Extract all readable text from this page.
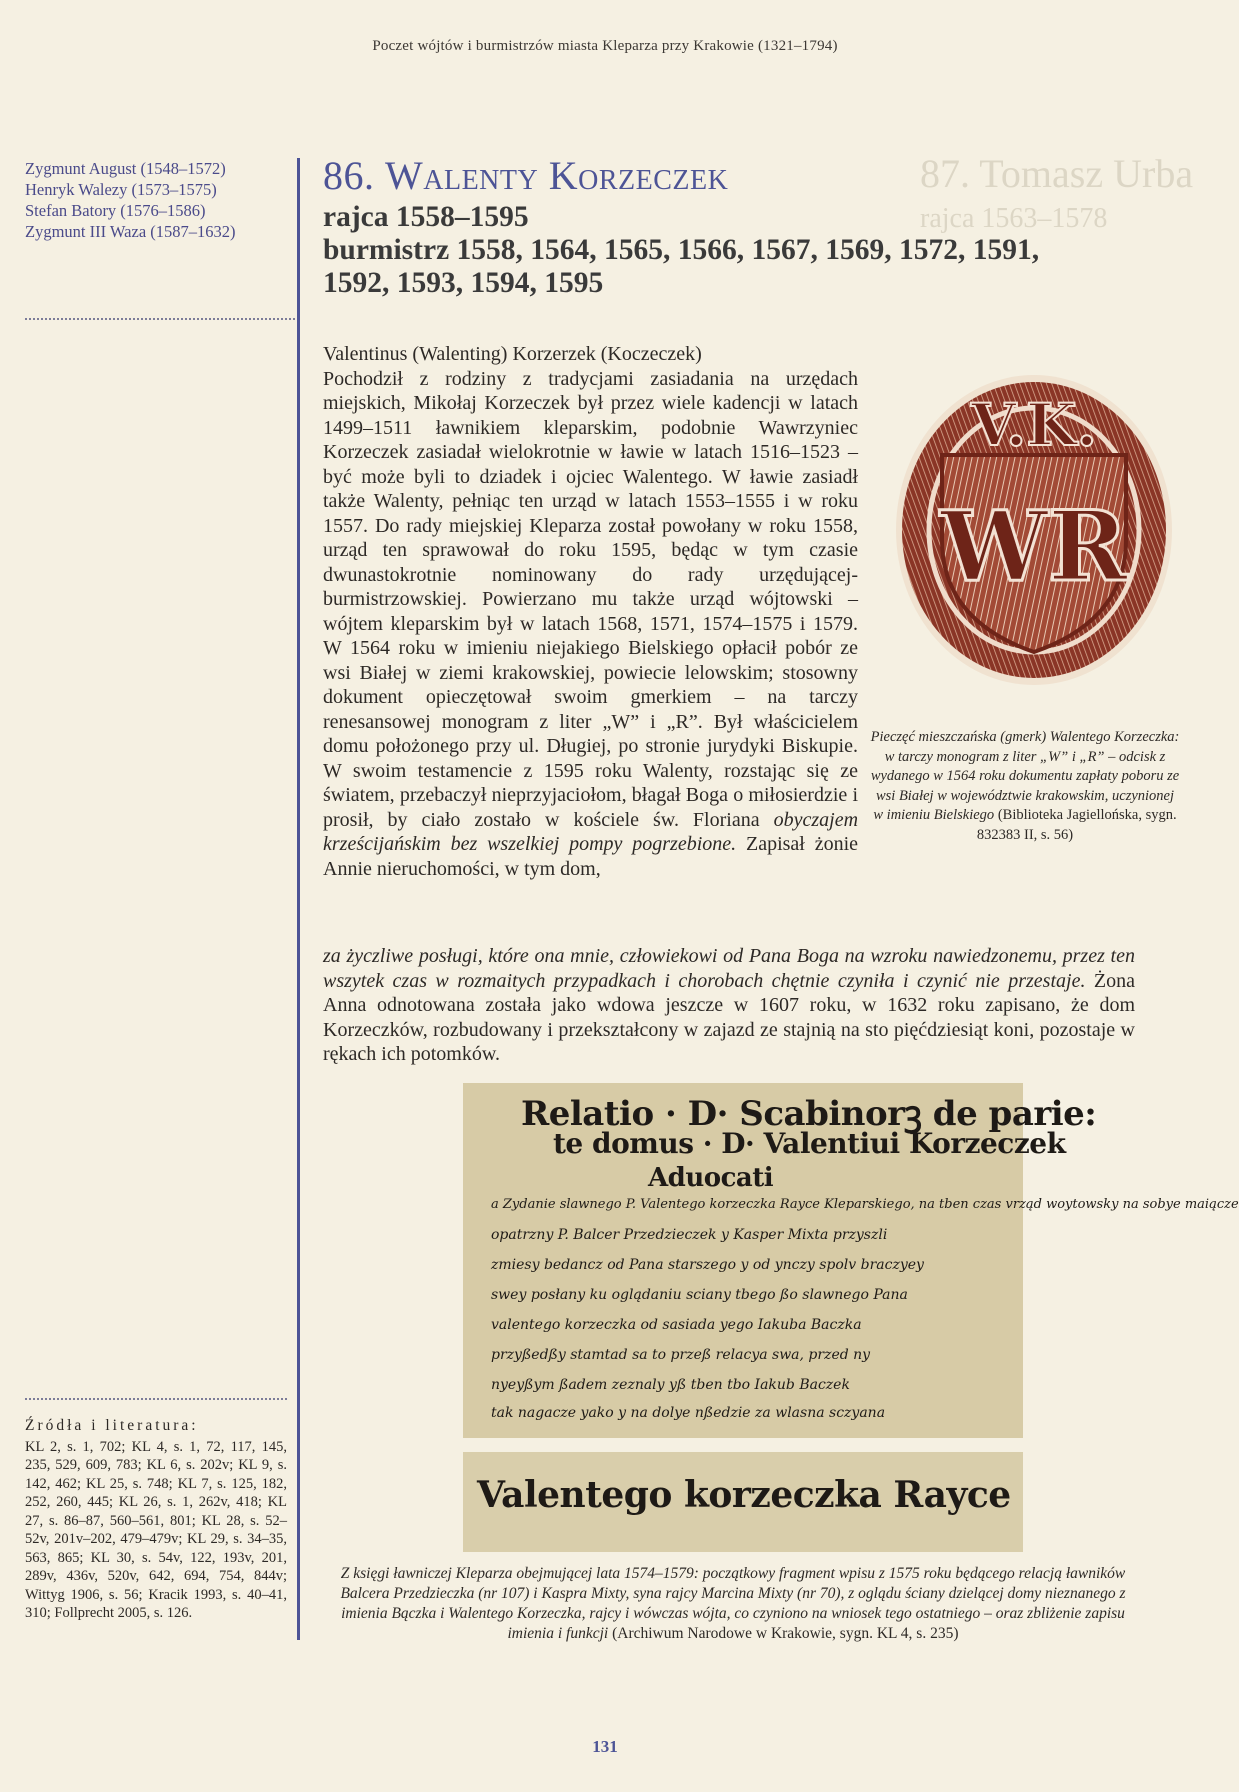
87. Tomasz Urba
rajca 1563–1578
Poczet wójtów i burmistrzów miasta Kleparza przy Krakowie (1321–1794)
Zygmunt August (1548–1572)
Henryk Walezy (1573–1575)
Stefan Batory (1576–1586)
Zygmunt III Waza (1587–1632)
86. Walenty Korzeczek
rajca 1558–1595
burmistrz 1558, 1564, 1565, 1566, 1567, 1569, 1572, 1591,
1592, 1593, 1594, 1595
Valentinus (Walenting) Korzerzek (Koczeczek)
Pochodził z rodziny z tradycjami zasiadania na urzędach miejskich, Mikołaj Korzeczek był przez wiele kadencji w latach 1499–1511 ławnikiem kleparskim, podobnie Wawrzyniec Korzeczek zasiadał wielokrotnie w ławie w latach 1516–1523 – być może byli to dziadek i ojciec Walentego. W ławie zasiadł także Walenty, pełniąc ten urząd w latach 1553–1555 i w roku 1557. Do rady miejskiej Kleparza został powołany w roku 1558, urząd ten sprawował do roku 1595, będąc w tym czasie dwunastokrotnie nominowany do rady urzędującej-burmistrzowskiej. Powierzano mu także urząd wójtowski – wójtem kleparskim był w latach 1568, 1571, 1574–1575 i 1579. W 1564 roku w imieniu niejakiego Bielskiego opłacił pobór ze wsi Białej w ziemi krakowskiej, powiecie lelowskim; stosowny dokument opieczętował swoim gmerkiem – na tarczy renesansowej monogram z liter „W” i „R”. Był właścicielem domu położonego przy ul. Długiej, po stronie jurydyki Biskupie. W swoim testamencie z 1595 roku Walenty, rozstając się ze światem, przebaczył nieprzyjaciołom, błagał Boga o miłosierdzie i prosił, by ciało zostało w kościele św. Floriana obyczajem krześcijańskim bez wszelkiej pompy pogrzebione. Zapisał żonie Annie nieruchomości, w tym dom,
za życzliwe posługi, które ona mnie, człowiekowi od Pana Boga na wzroku nawiedzonemu, przez ten wszytek czas w rozmaitych przypadkach i chorobach chętnie czyniła i czynić nie przestaje. Żona Anna odnotowana została jako wdowa jeszcze w 1607 roku, w 1632 roku zapisano, że dom Korzeczków, rozbudowany i przekształcony w zajazd ze stajnią na sto pięćdziesiąt koni, pozostaje w rękach ich potomków.
V.K.
WR
Pieczęć mieszczańska (gmerk) Walentego Korzeczka: w tarczy monogram z liter „W” i „R” – odcisk z wydanego w 1564 roku dokumentu zapłaty poboru ze wsi Białej w województwie krakowskim, uczynionej w imieniu Bielskiego (Biblioteka Jagiellońska, sygn. 832383 II, s. 56)
Relatio · D· Scabinorꝫ de parie:
te domus · D· Valentiui Korzeczek
Aduocati
a Zydanie slawnego P. Valentego korzeczka Rayce Kleparskiego, na tben czas vrząd woytowsky na sobye maiącze
opatrzny P. Balcer Przedzieczek y Kasper Mixta przyszli
zmiesy bedancz od Pana starszego y od ynczy spolv braczyey
swey posłany ku oglądaniu sciany tbego ßo slawnego Pana
valentego korzeczka od sasiada yego Iakuba Baczka
przyßedßy stamtad sa to przeß relacya swa, przed ny
nyeyßym ßadem zeznaly yß tben tbo Iakub Baczek
tak nagacze yako y na dolye nßedzie za wlasna sczyana
Valentego korzeczka Rayce
Z księgi ławniczej Kleparza obejmującej lata 1574–1579: początkowy fragment wpisu z 1575 roku będącego relacją ławników Balcera Przedzieczka (nr 107) i Kaspra Mixty, syna rajcy Marcina Mixty (nr 70), z oglądu ściany dzielącej domy nieznanego z imienia Bączka i Walentego Korzeczka, rajcy i wówczas wójta, co czyniono na wniosek tego ostatniego – oraz zbliżenie zapisu imienia i funkcji (Archiwum Narodowe w Krakowie, sygn. KL 4, s. 235)
Źródła i literatura:
KL 2, s. 1, 702; KL 4, s. 1, 72, 117, 145, 235, 529, 609, 783; KL 6, s. 202v; KL 9, s. 142, 462; KL 25, s. 748; KL 7, s. 125, 182, 252, 260, 445; KL 26, s. 1, 262v, 418; KL 27, s. 86–87, 560–561, 801; KL 28, s. 52–52v, 201v–202, 479–479v; KL 29, s. 34–35, 563, 865; KL 30, s. 54v, 122, 193v, 201, 289v, 436v, 520v, 642, 694, 754, 844v; Wittyg 1906, s. 56; Kracik 1993, s. 40–41, 310; Follprecht 2005, s. 126.
131
